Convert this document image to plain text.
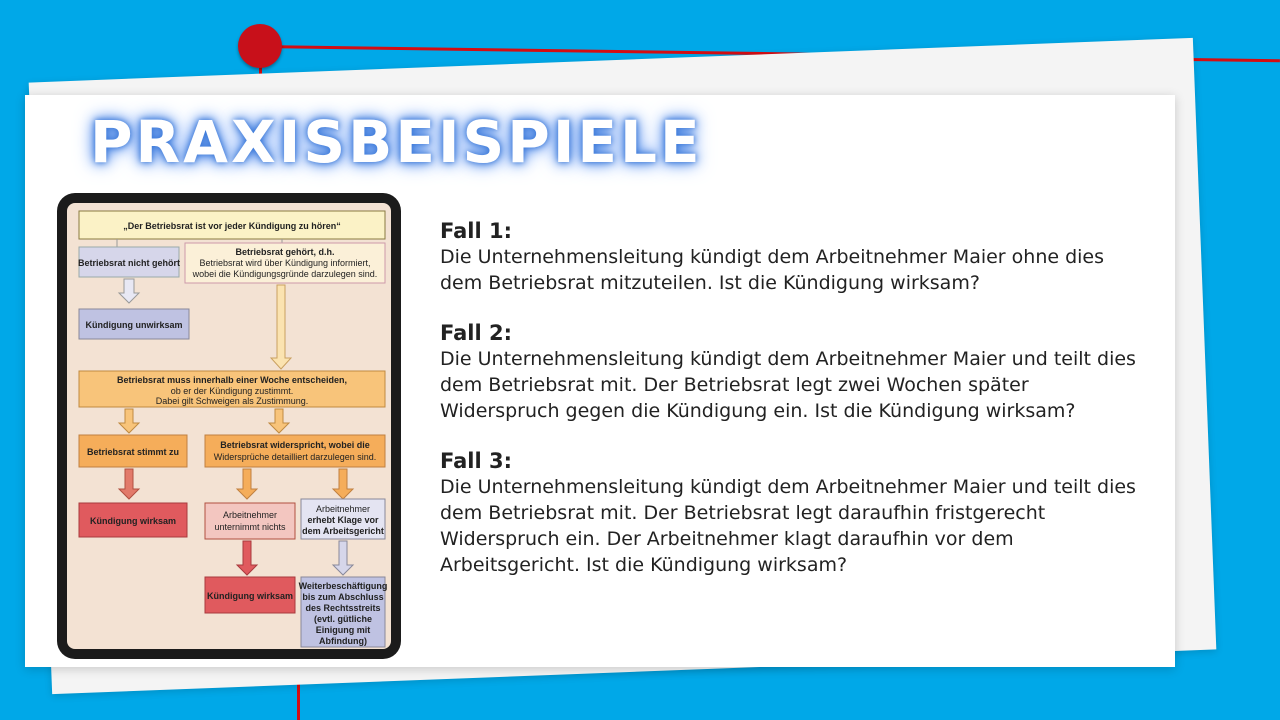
PRAXISBEISPIELE
„Der Betriebsrat ist vor jeder Kündigung zu hören“
Betriebsrat nicht gehört
Betriebsrat gehört, d.h.
Betriebsrat wird über Kündigung informiert,
wobei die Kündigungsgründe darzulegen sind.
Kündigung unwirksam
Betriebsrat muss innerhalb einer Woche entscheiden,
ob er der Kündigung zustimmt.
Dabei gilt Schweigen als Zustimmung.
Betriebsrat stimmt zu
Betriebsrat widerspricht, wobei die
Widersprüche detailliert darzulegen sind.
Kündigung wirksam
Arbeitnehmer
unternimmt nichts
Arbeitnehmer
erhebt Klage vor
dem Arbeitsgericht
Kündigung wirksam
Weiterbeschäftigung
bis zum Abschluss
des Rechtsstreits
(evtl. gütliche
Einigung mit
Abfindung)
Fall 1:
Die Unternehmensleitung kündigt dem Arbeitnehmer Maier ohne dies dem Betriebsrat mitzuteilen. Ist die Kündigung wirksam?
Fall 2:
Die Unternehmensleitung kündigt dem Arbeitnehmer Maier und teilt dies dem Betriebsrat mit. Der Betriebsrat legt zwei Wochen später Widerspruch gegen die Kündigung ein. Ist die Kündigung wirksam?
Fall 3:
Die Unternehmensleitung kündigt dem Arbeitnehmer Maier und teilt dies dem Betriebsrat mit. Der Betriebsrat legt daraufhin fristgerecht Widerspruch ein. Der Arbeitnehmer klagt daraufhin vor dem Arbeitsgericht. Ist die Kündigung wirksam?
